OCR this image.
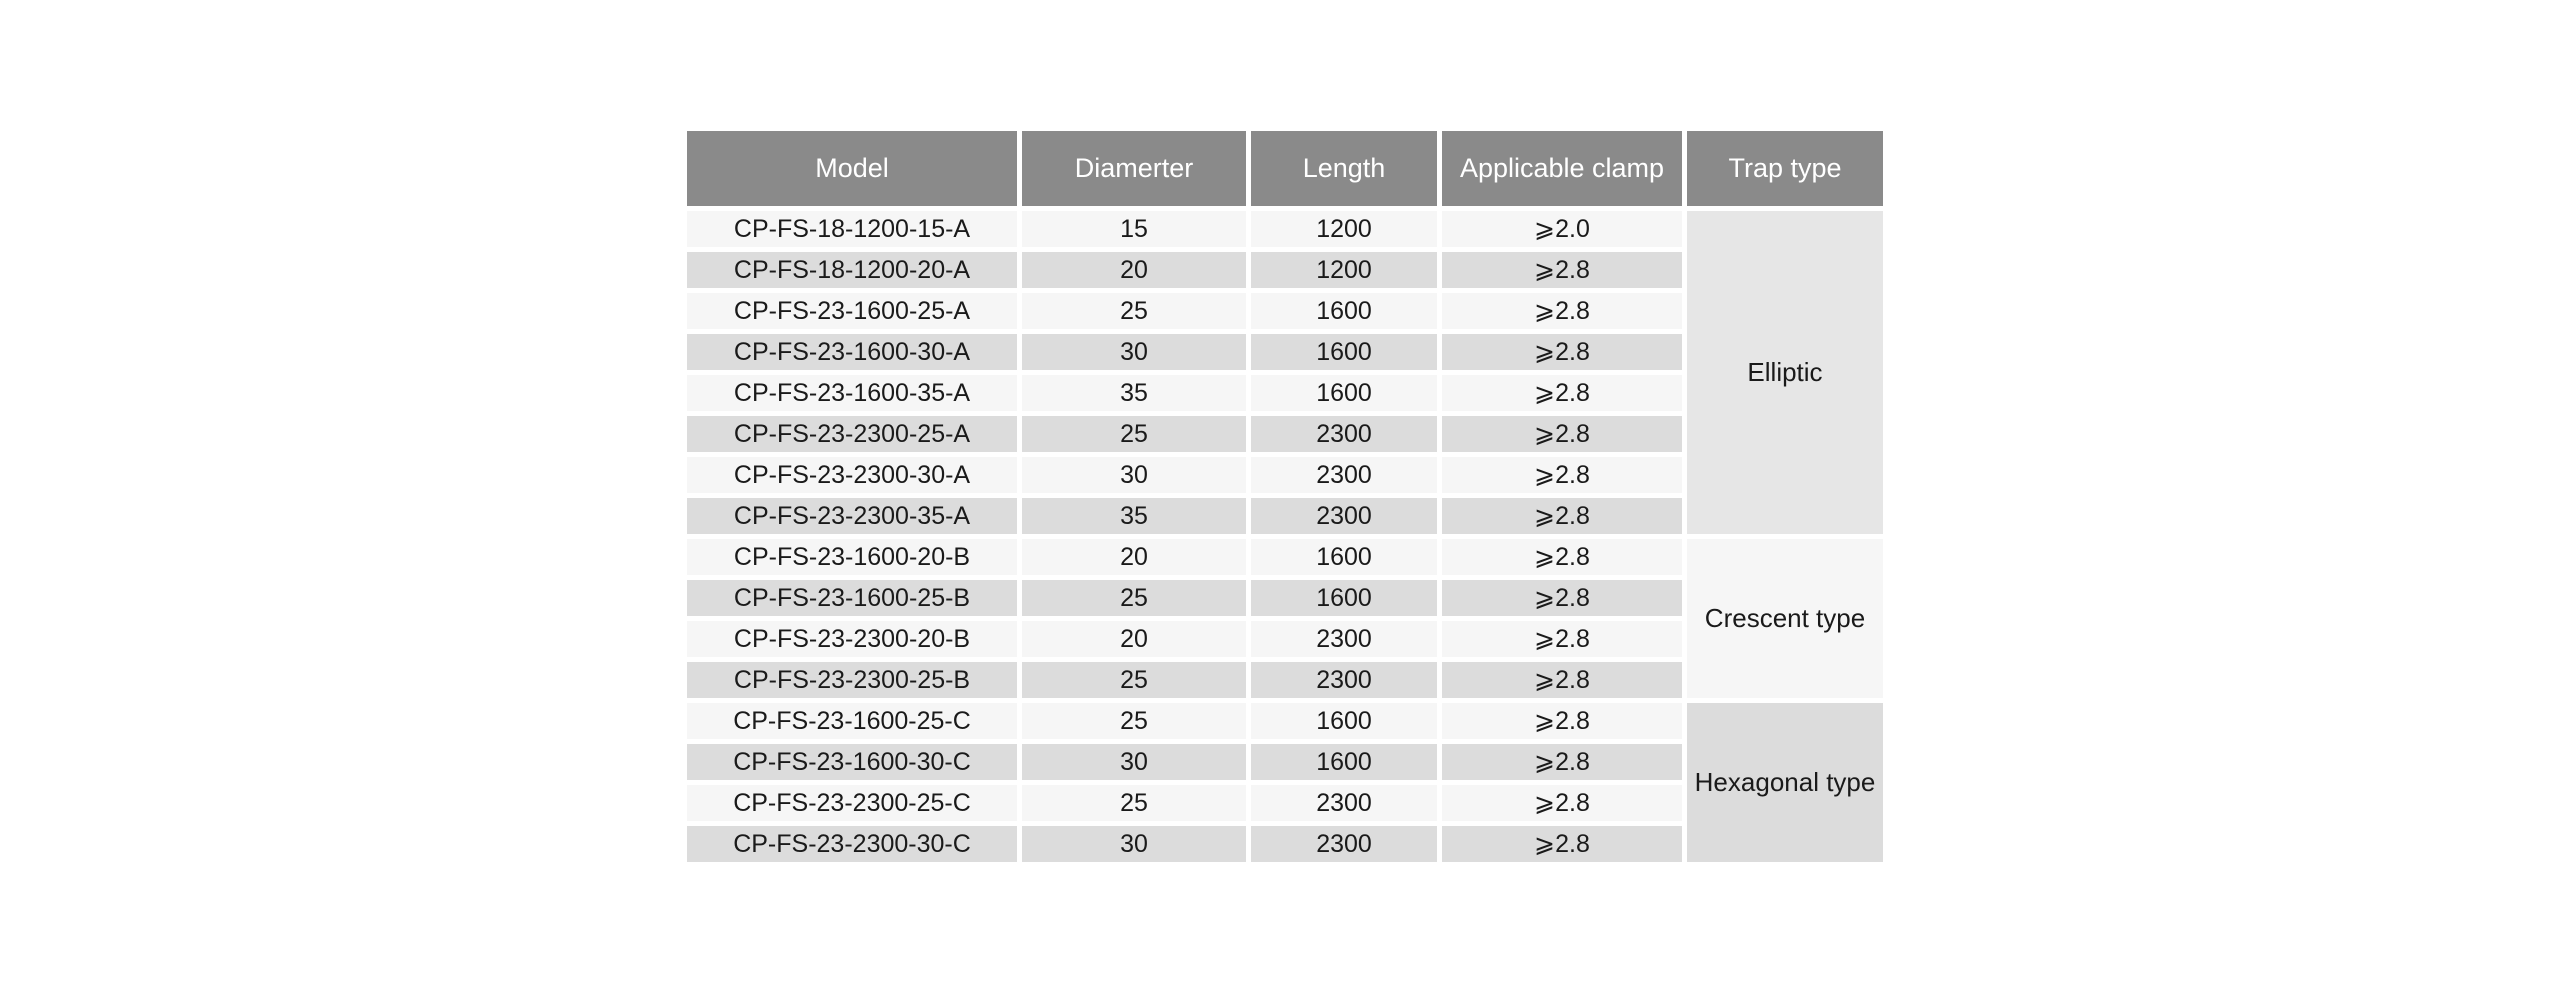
Model	Diamerter	Length	Applicable clamp	Trap type
CP-FS-18-1200-15-A	15	1200	⩾2.0	Elliptic
CP-FS-18-1200-20-A	20	1200	⩾2.8	
CP-FS-23-1600-25-A	25	1600	⩾2.8	
CP-FS-23-1600-30-A	30	1600	⩾2.8	
CP-FS-23-1600-35-A	35	1600	⩾2.8	
CP-FS-23-2300-25-A	25	2300	⩾2.8	
CP-FS-23-2300-30-A	30	2300	⩾2.8	
CP-FS-23-2300-35-A	35	2300	⩾2.8	
CP-FS-23-1600-20-B	20	1600	⩾2.8	Crescent type
CP-FS-23-1600-25-B	25	1600	⩾2.8	
CP-FS-23-2300-20-B	20	2300	⩾2.8	
CP-FS-23-2300-25-B	25	2300	⩾2.8	
CP-FS-23-1600-25-C	25	1600	⩾2.8	Hexagonal type
CP-FS-23-1600-30-C	30	1600	⩾2.8	
CP-FS-23-2300-25-C	25	2300	⩾2.8	
CP-FS-23-2300-30-C	30	2300	⩾2.8	
